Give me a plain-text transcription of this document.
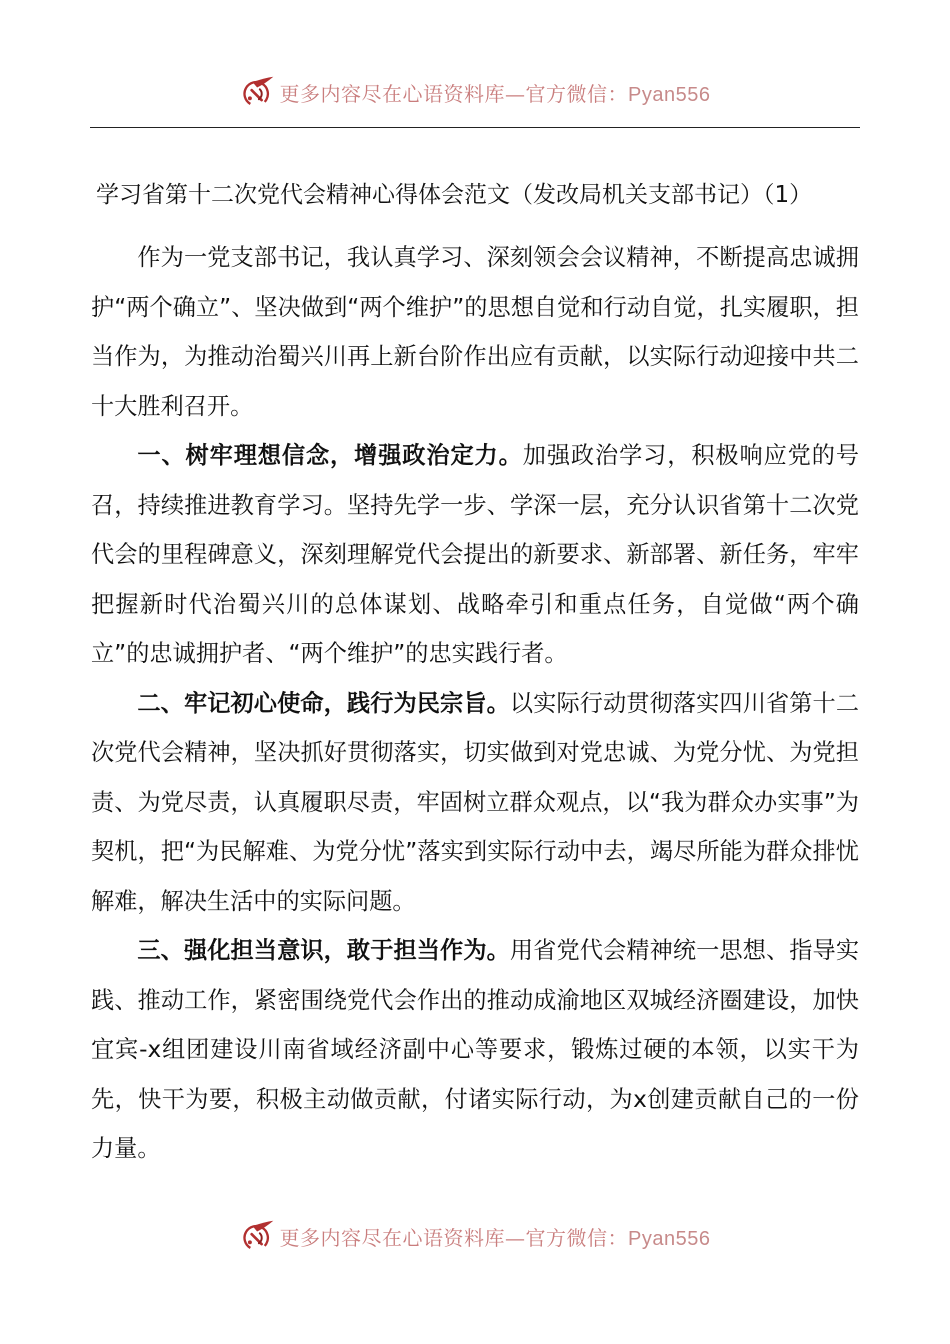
更多内容尽在心语资料库—官方微信：Pyan556
学习省第十二次党代会精神心得体会范文（发改局机关支部书记）（1）

作为一党支部书记，我认真学习、深刻领会会议精神，不断提高忠诚拥护“两个确立”、坚决做到“两个维护”的思想自觉和行动自觉，扎实履职，担当作为，为推动治蜀兴川再上新台阶作出应有贡献，以实际行动迎接中共二十大胜利召开。

一、树牢理想信念，增强政治定力。加强政治学习，积极响应党的号召，持续推进教育学习。坚持先学一步、学深一层，充分认识省第十二次党代会的里程碑意义，深刻理解党代会提出的新要求、新部署、新任务，牢牢把握新时代治蜀兴川的总体谋划、战略牵引和重点任务，自觉做“两个确立”的忠诚拥护者、“两个维护”的忠实践行者。

二、牢记初心使命，践行为民宗旨。以实际行动贯彻落实四川省第十二次党代会精神，坚决抓好贯彻落实，切实做到对党忠诚、为党分忧、为党担责、为党尽责，认真履职尽责，牢固树立群众观点，以“我为群众办实事”为契机，把“为民解难、为党分忧”落实到实际行动中去，竭尽所能为群众排忧解难，解决生活中的实际问题。

三、强化担当意识，敢于担当作为。用省党代会精神统一思想、指导实践、推动工作，紧密围绕党代会作出的推动成渝地区双城经济圈建设，加快宜宾-x组团建设川南省域经济副中心等要求，锻炼过硬的本领，以实干为先，快干为要，积极主动做贡献，付诸实际行动，为x创建贡献自己的一份力量。

更多内容尽在心语资料库—官方微信：Pyan556
